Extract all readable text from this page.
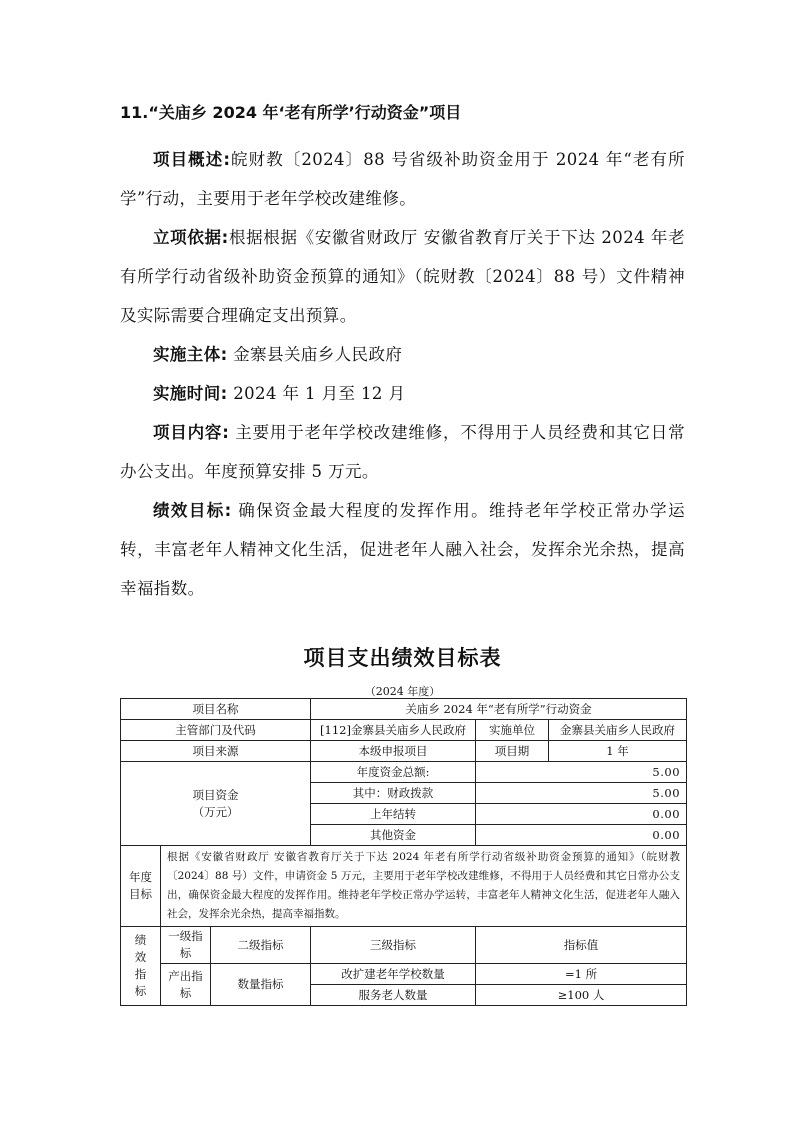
11.“关庙乡 2024 年‘老有所学’行动资金”项目

项目概述:皖财教〔2024〕88 号省级补助资金用于 2024 年“老有所学”行动，主要用于老年学校改建维修。

立项依据:根据根据《安徽省财政厅 安徽省教育厅关于下达 2024 年老有所学行动省级补助资金预算的通知》（皖财教〔2024〕88 号）文件精神及实际需要合理确定支出预算。

实施主体: 金寨县关庙乡人民政府

实施时间: 2024 年 1 月至 12 月

项目内容: 主要用于老年学校改建维修，不得用于人员经费和其它日常办公支出。年度预算安排 5 万元。

绩效目标: 确保资金最大程度的发挥作用。维持老年学校正常办学运转，丰富老年人精神文化生活，促进老年人融入社会，发挥余光余热，提高幸福指数。

项目支出绩效目标表

（2024 年度）

项目名称			关庙乡 2024 年“老有所学”行动资金		
主管部门及代码			[112]金寨县关庙乡人民政府	实施单位	金寨县关庙乡人民政府
项目来源			本级申报项目	项目期	1 年

项目资金
（万元）			年度资金总额:	5.00	
			其中：财政拨款	5.00	
			上年结转	0.00	
			其他资金	0.00	

年度
目标	根据《安徽省财政厅 安徽省教育厅关于下达 2024 年老有所学行动省级补助资金预算的通知》（皖财教〔2024〕88 号）文件，申请资金 5 万元，主要用于老年学校改建维修，不得用于人员经费和其它日常办公支出，确保资金最大程度的发挥作用。维持老年学校正常办学运转，丰富老年人精神文化生活，促进老年人融入社会，发挥余光余热，提高幸福指数。				

绩
效
指
标	一级指标	二级指标	三级指标	指标值	
	产出指标	数量指标	改扩建老年学校数量	=1 所	
			服务老人数量	≥100 人	
